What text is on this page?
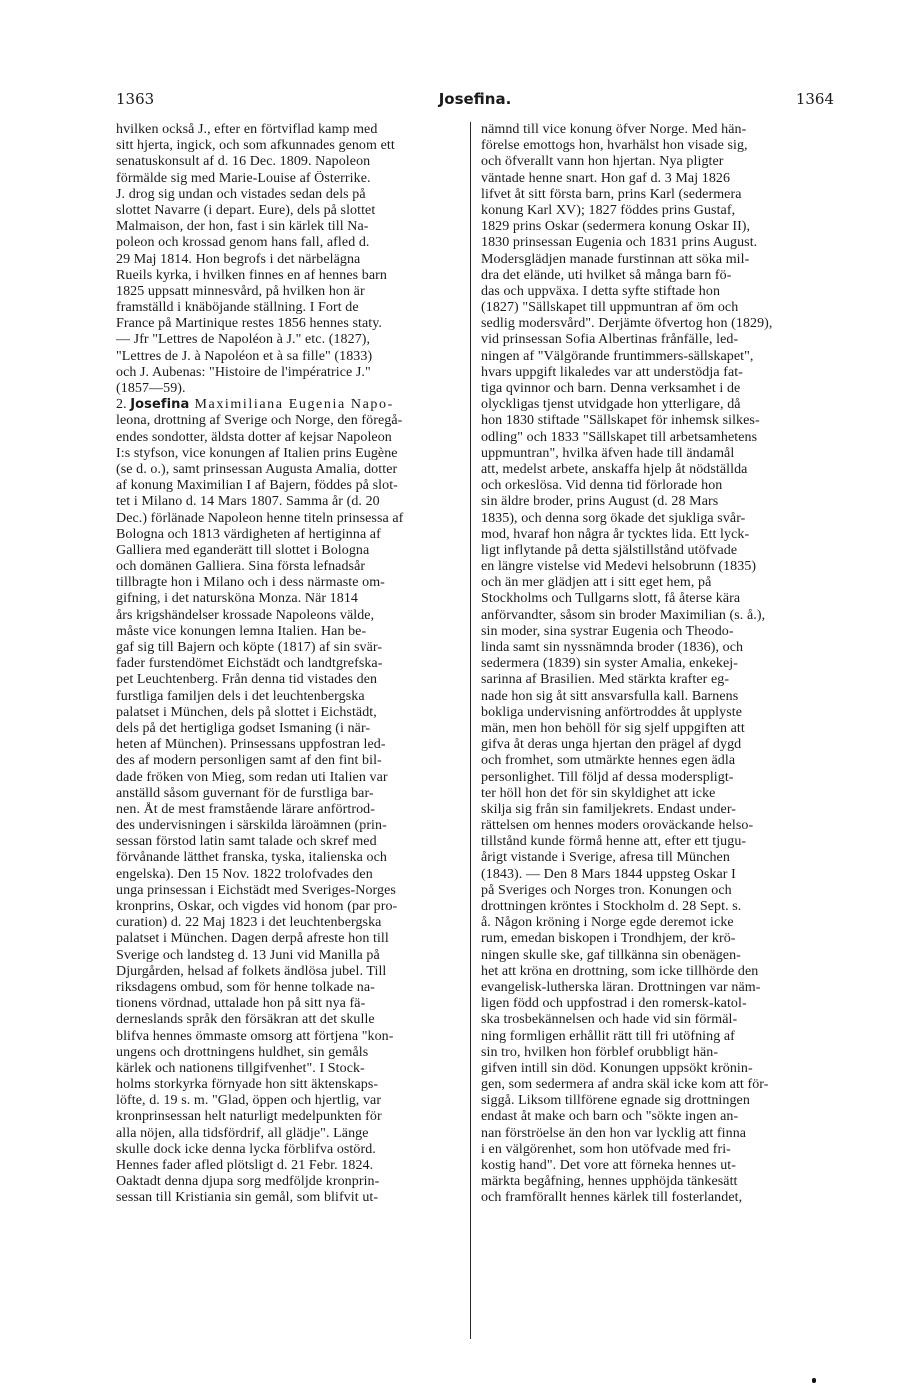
1363	Josefina.	1364
hvilken också J., efter en förtviflad kamp med
sitt hjerta, ingick, och som afkunnades genom ett
senatuskonsult af d. 16 Dec. 1809. Napoleon
förmälde sig med Marie-Louise af Österrike.
J. drog sig undan och vistades sedan dels på
slottet Navarre (i depart. Eure), dels på slottet
Malmaison, der hon, fast i sin kärlek till Na-
poleon och krossad genom hans fall, afled d.
29 Maj 1814. Hon begrofs i det närbelägna
Rueils kyrka, i hvilken finnes en af hennes barn
1825 uppsatt minnesvård, på hvilken hon är
framställd i knäböjande ställning. I Fort de
France på Martinique restes 1856 hennes staty.
— Jfr "Lettres de Napoléon à J." etc. (1827),
"Lettres de J. à Napoléon et à sa fille" (1833)
och J. Aubenas: "Histoire de l'impératrice J."
(1857—59).
2. Josefina Maximiliana Eugenia Napo-
leona, drottning af Sverige och Norge, den föregå-
endes sondotter, äldsta dotter af kejsar Napoleon
I:s styfson, vice konungen af Italien prins Eugène
(se d. o.), samt prinsessan Augusta Amalia, dotter
af konung Maximilian I af Bajern, föddes på slot-
tet i Milano d. 14 Mars 1807. Samma år (d. 20
Dec.) förlänade Napoleon henne titeln prinsessa af
Bologna och 1813 värdigheten af hertiginna af
Galliera med eganderätt till slottet i Bologna
och domänen Galliera. Sina första lefnadsår
tillbragte hon i Milano och i dess närmaste om-
gifning, i det natursköna Monza. När 1814
års krigshändelser krossade Napoleons välde,
måste vice konungen lemna Italien. Han be-
gaf sig till Bajern och köpte (1817) af sin svär-
fader furstendömet Eichstädt och landtgrefska-
pet Leuchtenberg. Från denna tid vistades den
furstliga familjen dels i det leuchtenbergska
palatset i München, dels på slottet i Eichstädt,
dels på det hertigliga godset Ismaning (i när-
heten af München). Prinsessans uppfostran led-
des af modern personligen samt af den fint bil-
dade fröken von Mieg, som redan uti Italien var
anställd såsom guvernant för de furstliga bar-
nen. Åt de mest framstående lärare anförtrod-
des undervisningen i särskilda läroämnen (prin-
sessan förstod latin samt talade och skref med
förvånande lätthet franska, tyska, italienska och
engelska). Den 15 Nov. 1822 trolofvades den
unga prinsessan i Eichstädt med Sveriges-Norges
kronprins, Oskar, och vigdes vid honom (par pro-
curation) d. 22 Maj 1823 i det leuchtenbergska
palatset i München. Dagen derpå afreste hon till
Sverige och landsteg d. 13 Juni vid Manilla på
Djurgården, helsad af folkets ändlösa jubel. Till
riksdagens ombud, som för henne tolkade na-
tionens vördnad, uttalade hon på sitt nya fä-
derneslands språk den försäkran att det skulle
blifva hennes ömmaste omsorg att förtjena "kon-
ungens och drottningens huldhet, sin gemåls
kärlek och nationens tillgifvenhet". I Stock-
holms storkyrka förnyade hon sitt äktenskaps-
löfte, d. 19 s. m. "Glad, öppen och hjertlig, var
kronprinsessan helt naturligt medelpunkten för
alla nöjen, alla tidsfördrif, all glädje". Länge
skulle dock icke denna lycka förblifva ostörd.
Hennes fader afled plötsligt d. 21 Febr. 1824.
Oaktadt denna djupa sorg medföljde kronprin-
sessan till Kristiania sin gemål, som blifvit ut-
nämnd till vice konung öfver Norge. Med hän-
förelse emottogs hon, hvarhälst hon visade sig,
och öfverallt vann hon hjertan. Nya pligter
väntade henne snart. Hon gaf d. 3 Maj 1826
lifvet åt sitt första barn, prins Karl (sedermera
konung Karl XV); 1827 föddes prins Gustaf,
1829 prins Oskar (sedermera konung Oskar II),
1830 prinsessan Eugenia och 1831 prins August.
Modersglädjen manade furstinnan att söka mil-
dra det elände, uti hvilket så många barn fö-
das och uppväxa. I detta syfte stiftade hon
(1827) "Sällskapet till uppmuntran af öm och
sedlig modersvård". Derjämte öfvertog hon (1829),
vid prinsessan Sofia Albertinas frånfälle, led-
ningen af "Välgörande fruntimmers-sällskapet",
hvars uppgift likaledes var att understödja fat-
tiga qvinnor och barn. Denna verksamhet i de
olyckligas tjenst utvidgade hon ytterligare, då
hon 1830 stiftade "Sällskapet för inhemsk silkes-
odling" och 1833 "Sällskapet till arbetsamhetens
uppmuntran", hvilka äfven hade till ändamål
att, medelst arbete, anskaffa hjelp åt nödställda
och orkeslösa. Vid denna tid förlorade hon
sin äldre broder, prins August (d. 28 Mars
1835), och denna sorg ökade det sjukliga svår-
mod, hvaraf hon några år tycktes lida. Ett lyck-
ligt inflytande på detta själstillstånd utöfvade
en längre vistelse vid Medevi helsobrunn (1835)
och än mer glädjen att i sitt eget hem, på
Stockholms och Tullgarns slott, få återse kära
anförvandter, såsom sin broder Maximilian (s. å.),
sin moder, sina systrar Eugenia och Theodo-
linda samt sin nyssnämnda broder (1836), och
sedermera (1839) sin syster Amalia, enkekej-
sarinna af Brasilien. Med stärkta krafter eg-
nade hon sig åt sitt ansvarsfulla kall. Barnens
bokliga undervisning anförtroddes åt upplyste
män, men hon behöll för sig sjelf uppgiften att
gifva åt deras unga hjertan den prägel af dygd
och fromhet, som utmärkte hennes egen ädla
personlighet. Till följd af dessa moderspligt-
ter höll hon det för sin skyldighet att icke
skilja sig från sin familjekrets. Endast under-
rättelsen om hennes moders oroväckande helso-
tillstånd kunde förmå henne att, efter ett tjugu-
årigt vistande i Sverige, afresa till München
(1843). — Den 8 Mars 1844 uppsteg Oskar I
på Sveriges och Norges tron. Konungen och
drottningen kröntes i Stockholm d. 28 Sept. s.
å. Någon kröning i Norge egde deremot icke
rum, emedan biskopen i Trondhjem, der krö-
ningen skulle ske, gaf tillkänna sin obenägen-
het att kröna en drottning, som icke tillhörde den
evangelisk-lutherska läran. Drottningen var näm-
ligen född och uppfostrad i den romersk-katol-
ska trosbekännelsen och hade vid sin förmäl-
ning formligen erhållit rätt till fri utöfning af
sin tro, hvilken hon förblef orubbligt hän-
gifven intill sin död. Konungen uppsökt krönin-
gen, som sedermera af andra skäl icke kom att för-
siggå. Liksom tillförene egnade sig drottningen
endast åt make och barn och "sökte ingen an-
nan förströelse än den hon var lycklig att finna
i en välgörenhet, som hon utöfvade med fri-
kostig hand". Det vore att förneka hennes ut-
märkta begåfning, hennes upphöjda tänkesätt
och framförallt hennes kärlek till fosterlandet,
